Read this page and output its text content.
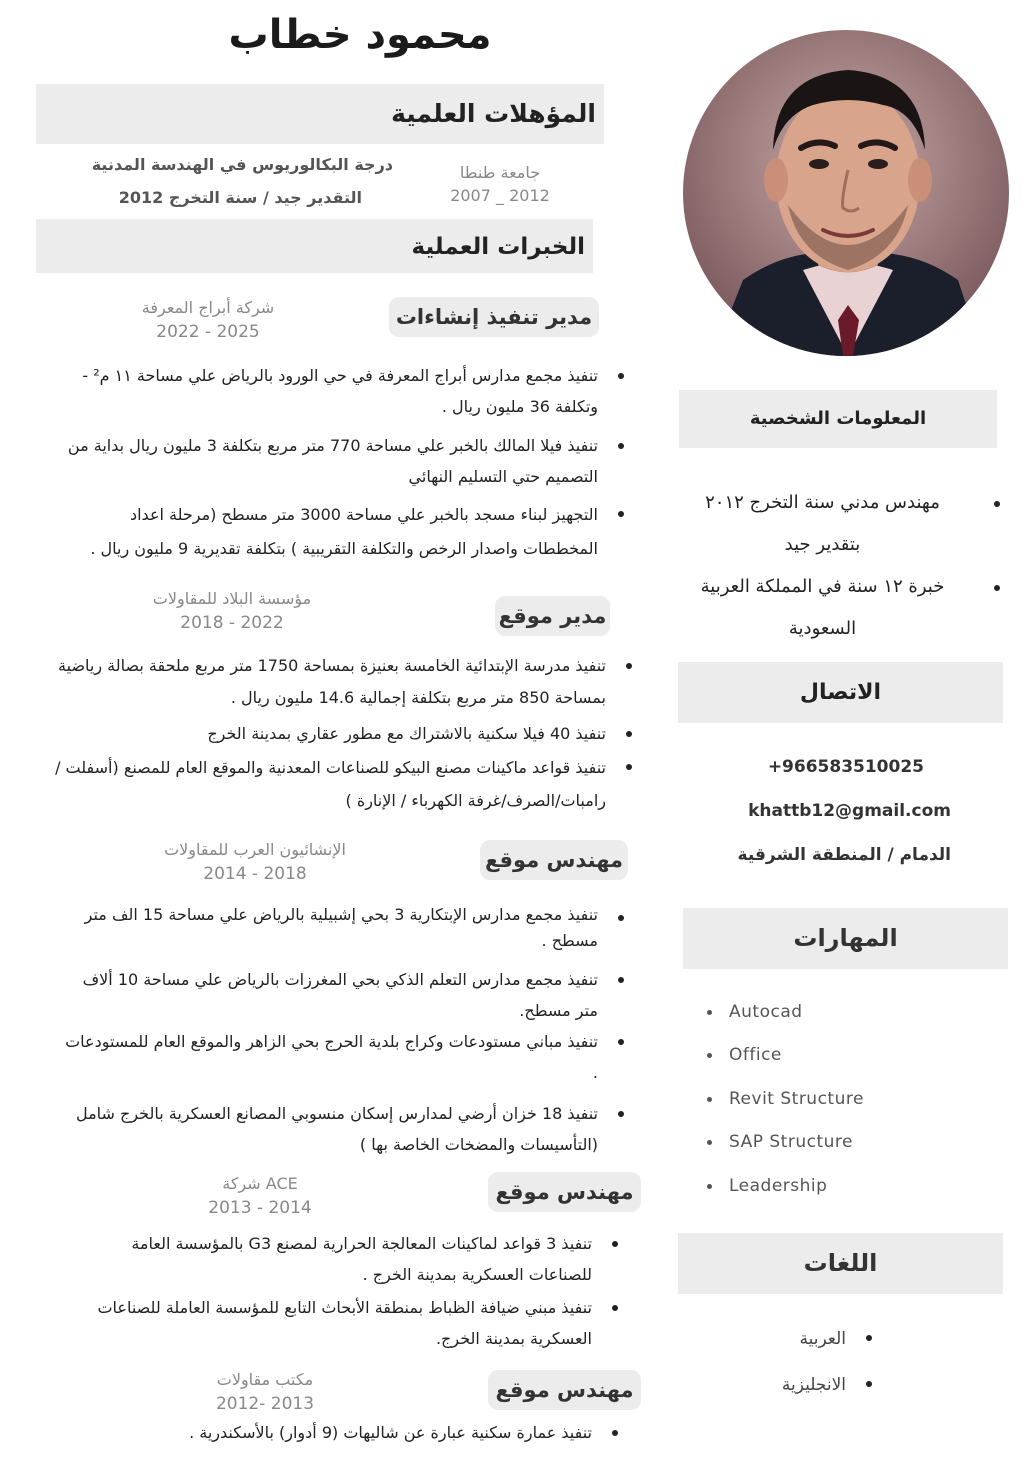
محمود خطاب
المؤهلات العلمية
درجة البكالوريوس في الهندسة المدنية
التقدير جيد / سنة التخرج 2012
جامعة طنطا
2007 _ 2012
الخبرات العملية
مدير تنفيذ إنشاءات
شركة أبراج المعرفة
2022 - 2025
تنفيذ مجمع مدارس أبراج المعرفة في حي الورود بالرياض علي مساحة ١١ م² - وتكلفة 36 مليون ريال .
تنفيذ فيلا المالك بالخبر علي مساحة 770 متر مربع بتكلفة 3 مليون ريال بداية من التصميم حتي التسليم النهائي
التجهيز لبناء مسجد بالخبر علي مساحة 3000 متر مسطح (مرحلة اعداد المخططات واصدار الرخص والتكلفة التقريبية ) بتكلفة تقديرية 9 مليون ريال .
مدير موقع
مؤسسة البلاد للمقاولات
2018 - 2022
تنفيذ مدرسة الإبتدائية الخامسة بعنيزة بمساحة 1750 متر مربع ملحقة بصالة رياضية بمساحة 850 متر مربع بتكلفة إجمالية 14.6 مليون ريال .
تنفيذ 40 فيلا سكنية بالاشتراك مع مطور عقاري بمدينة الخرج
تنفيذ قواعد ماكينات مصنع البيكو للصناعات المعدنية والموقع العام للمصنع (أسفلت /رامبات/الصرف/غرفة الكهرباء / الإنارة )
مهندس موقع
الإنشائيون العرب للمقاولات
2014 - 2018
تنفيذ مجمع مدارس الإبتكارية 3 بحي إشبيلية بالرياض علي مساحة 15 الف متر مسطح .
تنفيذ مجمع مدارس التعلم الذكي بحي المغرزات بالرياض علي مساحة 10 ألاف متر مسطح.
تنفيذ مباني مستودعات وكراج بلدية الحرج بحي الزاهر والموقع العام للمستودعات .
تنفيذ 18 خزان أرضي لمدارس إسكان منسوبي المصانع العسكرية بالخرج شامل (التأسيسات والمضخات الخاصة بها )
مهندس موقع
شركة ACE
2013 - 2014
تنفيذ 3 قواعد لماكينات المعالجة الحرارية لمصنع G3 بالمؤسسة العامة للصناعات العسكرية بمدينة الخرج .
تنفيذ مبني ضيافة الظباط بمنطقة الأبحاث التابع للمؤسسة العاملة للصناعات العسكرية بمدينة الخرج.
مهندس موقع
مكتب مقاولات
2012- 2013
تنفيذ عمارة سكنية عبارة عن شاليهات (9 أدوار) بالأسكندرية .
المعلومات الشخصية
مهندس مدني سنة التخرج ٢٠١٢ بتقدير جيد
خبرة ١٢ سنة في المملكة العربية السعودية
الاتصال
+966583510025
khattb12@gmail.com
الدمام / المنطقة الشرقية
المهارات
Autocad
Office
Revit Structure
SAP Structure
Leadership
اللغات
العربية
الانجليزية
